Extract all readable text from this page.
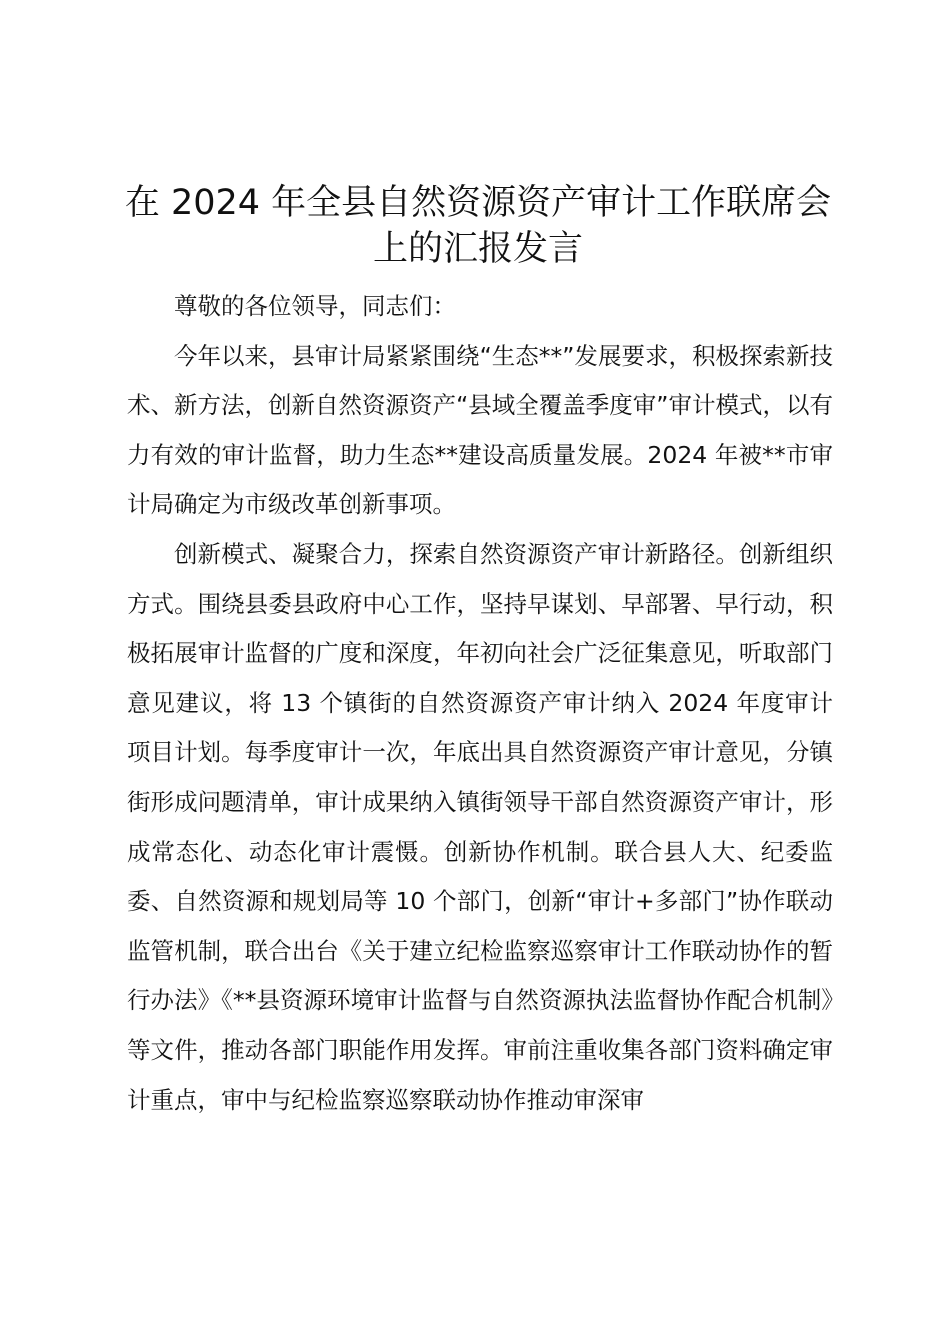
在 2024 年全县自然资源资产审计工作联席会上的汇报发言

尊敬的各位领导，同志们：

今年以来，县审计局紧紧围绕“生态**”发展要求，积极探索新技术、新方法，创新自然资源资产“县域全覆盖季度审”审计模式，以有力有效的审计监督，助力生态**建设高质量发展。2024 年被**市审计局确定为市级改革创新事项。

创新模式、凝聚合力，探索自然资源资产审计新路径。创新组织方式。围绕县委县政府中心工作，坚持早谋划、早部署、早行动，积极拓展审计监督的广度和深度，年初向社会广泛征集意见，听取部门意见建议，将 13 个镇街的自然资源资产审计纳入 2024 年度审计项目计划。每季度审计一次，年底出具自然资源资产审计意见，分镇街形成问题清单，审计成果纳入镇街领导干部自然资源资产审计，形成常态化、动态化审计震慑。创新协作机制。联合县人大、纪委监委、自然资源和规划局等 10 个部门，创新“审计+多部门”协作联动监管机制，联合出台《关于建立纪检监察巡察审计工作联动协作的暂行办法》《**县资源环境审计监督与自然资源执法监督协作配合机制》等文件，推动各部门职能作用发挥。审前注重收集各部门资料确定审计重点，审中与纪检监察巡察联动协作推动审深审
